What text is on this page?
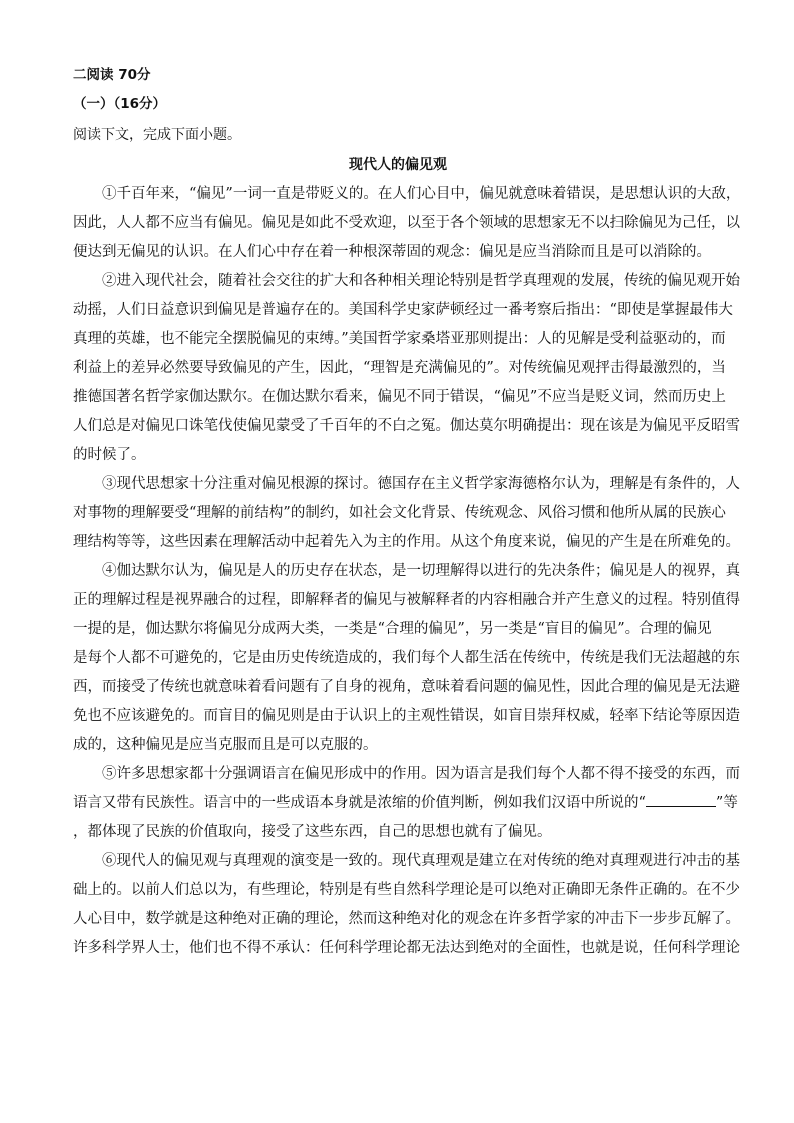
二阅读 70分
（一）（16分）
阅读下文，完成下面小题。
现代人的偏见观
①千百年来，“偏见”一词一直是带贬义的。在人们心目中，偏见就意味着错误，是思想认识的大敌，
因此，人人都不应当有偏见。偏见是如此不受欢迎，以至于各个领域的思想家无不以扫除偏见为己任，以
便达到无偏见的认识。在人们心中存在着一种根深蒂固的观念：偏见是应当消除而且是可以消除的。
②进入现代社会，随着社会交往的扩大和各种相关理论特别是哲学真理观的发展，传统的偏见观开始
动摇，人们日益意识到偏见是普遍存在的。美国科学史家萨顿经过一番考察后指出：“即使是掌握最伟大
真理的英雄，也不能完全摆脱偏见的束缚。”美国哲学家桑塔亚那则提出：人的见解是受利益驱动的，而
利益上的差异必然要导致偏见的产生，因此，“理智是充满偏见的”。对传统偏见观抨击得最激烈的，当
推德国著名哲学家伽达默尔。在伽达默尔看来，偏见不同于错误，“偏见”不应当是贬义词，然而历史上
人们总是对偏见口诛笔伐使偏见蒙受了千百年的不白之冤。伽达莫尔明确提出：现在该是为偏见平反昭雪
的时候了。
③现代思想家十分注重对偏见根源的探讨。德国存在主义哲学家海德格尔认为，理解是有条件的，人
对事物的理解要受“理解的前结构”的制约，如社会文化背景、传统观念、风俗习惯和他所从属的民族心
理结构等等，这些因素在理解活动中起着先入为主的作用。从这个角度来说，偏见的产生是在所难免的。
④伽达默尔认为，偏见是人的历史存在状态，是一切理解得以进行的先决条件；偏见是人的视界，真
正的理解过程是视界融合的过程，即解释者的偏见与被解释者的内容相融合并产生意义的过程。特别值得
一提的是，伽达默尔将偏见分成两大类，一类是“合理的偏见”，另一类是“盲目的偏见”。合理的偏见
是每个人都不可避免的，它是由历史传统造成的，我们每个人都生活在传统中，传统是我们无法超越的东
西，而接受了传统也就意味着看问题有了自身的视角，意味着看问题的偏见性，因此合理的偏见是无法避
免也不应该避免的。而盲目的偏见则是由于认识上的主观性错误，如盲目崇拜权威，轻率下结论等原因造
成的，这种偏见是应当克服而且是可以克服的。
⑤许多思想家都十分强调语言在偏见形成中的作用。因为语言是我们每个人都不得不接受的东西，而
语言又带有民族性。语言中的一些成语本身就是浓缩的价值判断，例如我们汉语中所说的“	”等
，都体现了民族的价值取向，接受了这些东西，自己的思想也就有了偏见。
⑥现代人的偏见观与真理观的演变是一致的。现代真理观是建立在对传统的绝对真理观进行冲击的基
础上的。以前人们总以为，有些理论，特别是有些自然科学理论是可以绝对正确即无条件正确的。在不少
人心目中，数学就是这种绝对正确的理论，然而这种绝对化的观念在许多哲学家的冲击下一步步瓦解了。
许多科学界人士，他们也不得不承认：任何科学理论都无法达到绝对的全面性，也就是说，任何科学理论
